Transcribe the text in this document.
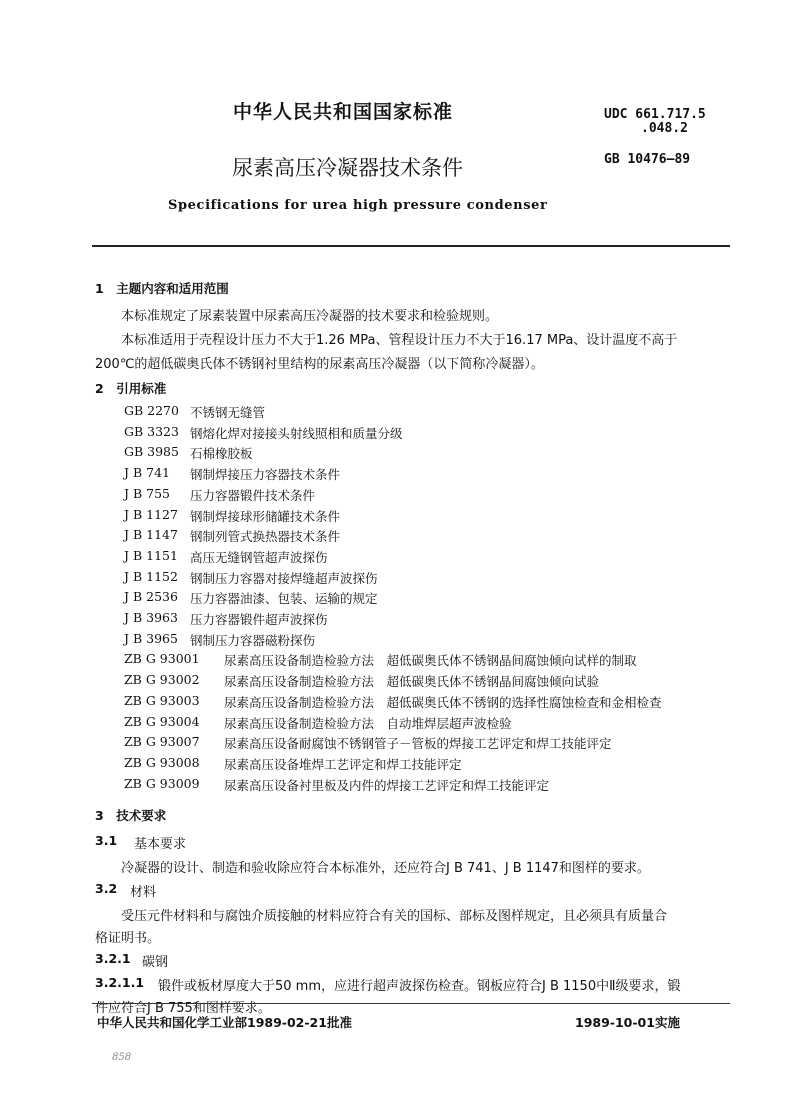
中华人民共和国国家标准	UDC 661.717.5
.048.2
尿素高压冷凝器技术条件	GB 10476—89
Specifications for urea high pressure condenser
1　主题内容和适用范围
本标准规定了尿素装置中尿素高压冷凝器的技术要求和检验规则。
本标准适用于壳程设计压力不大于1.26 MPa、管程设计压力不大于16.17 MPa、设计温度不高于
200℃的超低碳奥氏体不锈钢衬里结构的尿素高压冷凝器（以下简称冷凝器）。
2　引用标准
GB 2270 不锈钢无缝管
GB 3323 钢熔化焊对接接头射线照相和质量分级
GB 3985 石棉橡胶板
J B 741 钢制焊接压力容器技术条件
J B 755 压力容器锻件技术条件
J B 1127 钢制焊接球形储罐技术条件
J B 1147 钢制列管式换热器技术条件
J B 1151 高压无缝钢管超声波探伤
J B 1152 钢制压力容器对接焊缝超声波探伤
J B 2536 压力容器油漆、包装、运输的规定
J B 3963 压力容器锻件超声波探伤
J B 3965 钢制压力容器磁粉探伤
ZB G 93001 尿素高压设备制造检验方法　超低碳奥氏体不锈钢晶间腐蚀倾向试样的制取
ZB G 93002 尿素高压设备制造检验方法　超低碳奥氏体不锈钢晶间腐蚀倾向试验
ZB G 93003 尿素高压设备制造检验方法　超低碳奥氏体不锈钢的选择性腐蚀检查和金相检查
ZB G 93004 尿素高压设备制造检验方法　自动堆焊层超声波检验
ZB G 93007 尿素高压设备耐腐蚀不锈钢管子－管板的焊接工艺评定和焊工技能评定
ZB G 93008 尿素高压设备堆焊工艺评定和焊工技能评定
ZB G 93009 尿素高压设备衬里板及内件的焊接工艺评定和焊工技能评定
3　技术要求
3.1 基本要求
冷凝器的设计、制造和验收除应符合本标准外，还应符合J B 741、J B 1147和图样的要求。
3.2 材料
受压元件材料和与腐蚀介质接触的材料应符合有关的国标、部标及图样规定，且必须具有质量合
格证明书。
3.2.1 碳钢
3.2.1.1 锻件或板材厚度大于50 mm，应进行超声波探伤检查。钢板应符合J B 1150中Ⅱ级要求，锻
件应符合J B 755和图样要求。
中华人民共和国化学工业部1989-02-21批准	1989-10-01实施
858
